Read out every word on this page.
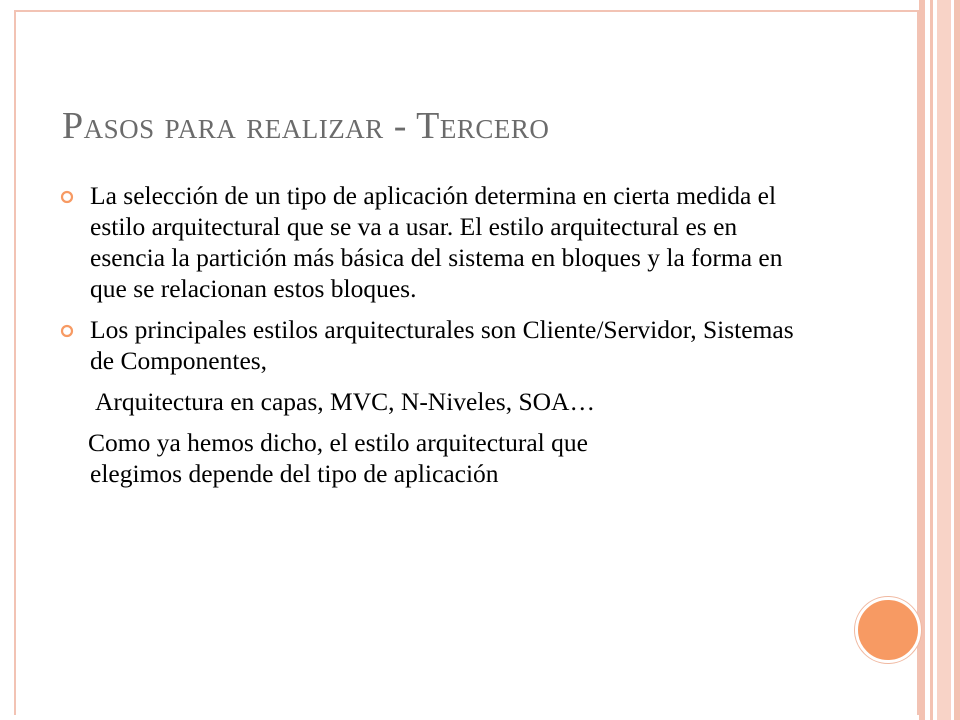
Pasos para realizar - Tercero

La selección de un tipo de aplicación determina en cierta medida el estilo arquitectural que se va a usar. El estilo arquitectural es en esencia la partición más básica del sistema en bloques y la forma en que se relacionan estos bloques.

Los principales estilos arquitecturales son Cliente/Servidor, Sistemas de Componentes,

Arquitectura en capas, MVC, N-Niveles, SOA…

Como ya hemos dicho, el estilo arquitectural que

elegimos depende del tipo de aplicación
